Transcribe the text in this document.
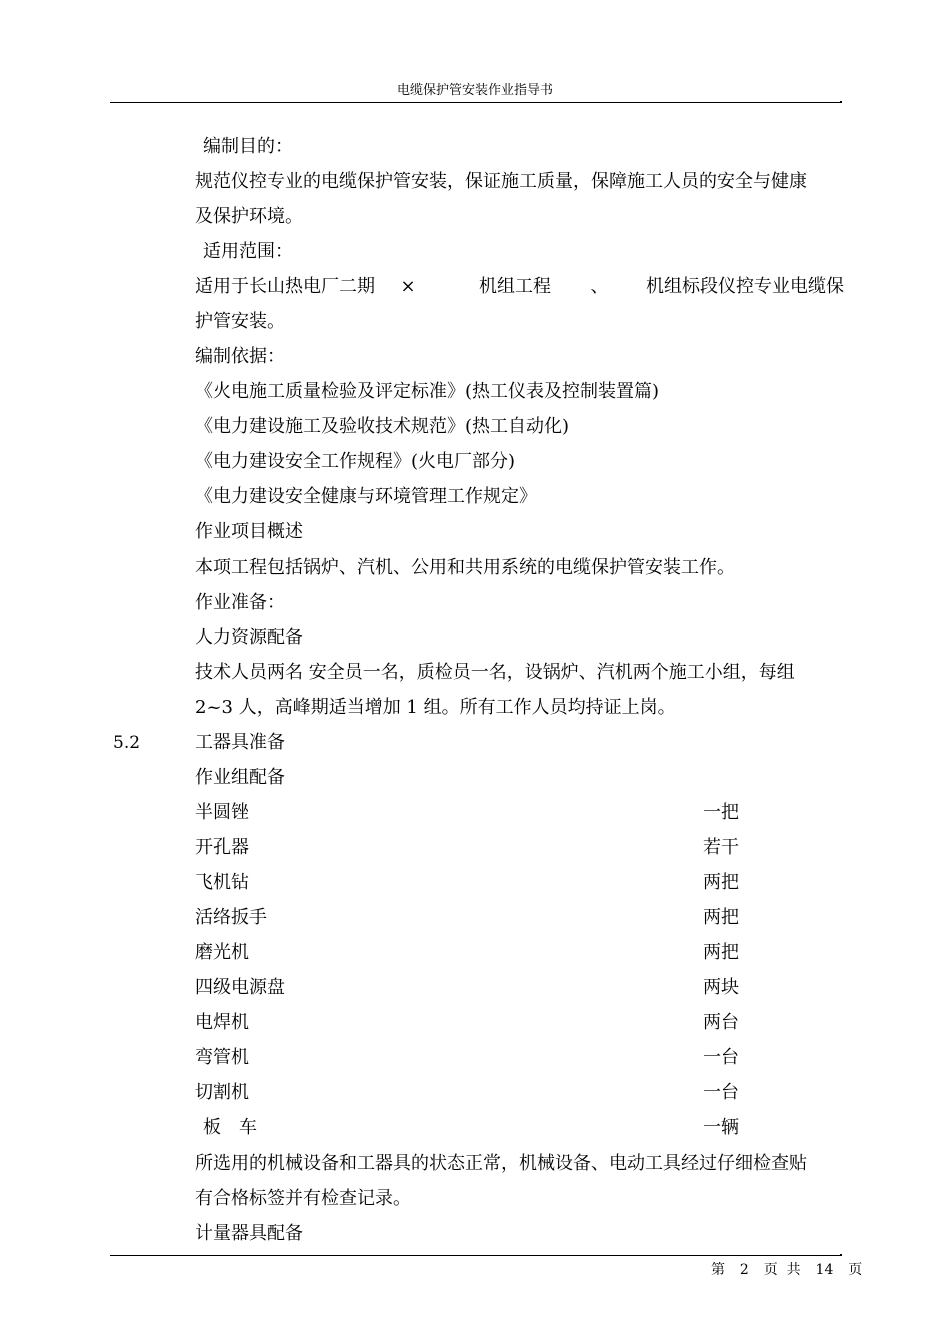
电缆保护管安装作业指导书
编制目的：
规范仪控专业的电缆保护管安装，保证施工质量，保障施工人员的安全与健康
及保护环境。
适用范围：
适用于长山热电厂二期 ×	机组工程 、 机组标段仪控专业电缆保
护管安装。
编制依据：
《火电施工质量检验及评定标准》(热工仪表及控制装置篇)
《电力建设施工及验收技术规范》(热工自动化)
《电力建设安全工作规程》(火电厂部分)
《电力建设安全健康与环境管理工作规定》
作业项目概述
本项工程包括锅炉、汽机、公用和共用系统的电缆保护管安装工作。
作业准备：
人力资源配备
技术人员两名 安全员一名，质检员一名，设锅炉、汽机两个施工小组，每组
2~3 人，高峰期适当增加 1 组。所有工作人员均持证上岗。
5.2	工器具准备
作业组配备
半圆锉	一把
开孔器	若干
飞机钻	两把
活络扳手	两把
磨光机	两把
四级电源盘	两块
电焊机	两台
弯管机	一台
切割机	一台
板　车	一辆
所选用的机械设备和工器具的状态正常，机械设备、电动工具经过仔细检查贴
有合格标签并有检查记录。
计量器具配备
第 2 页  共 14 页
